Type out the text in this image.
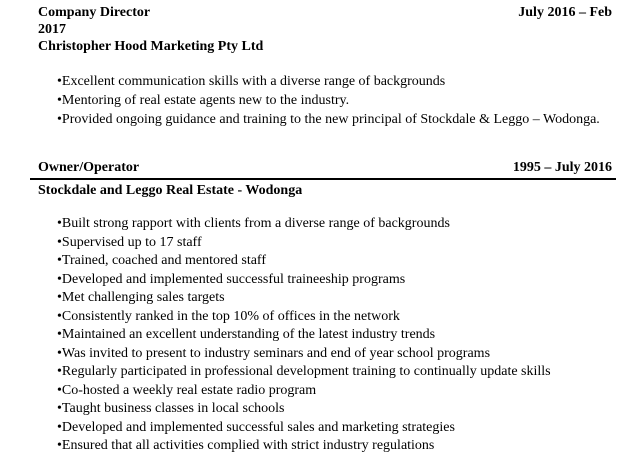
Company Director	July 2016 – Feb
2017
Christopher Hood Marketing Pty Ltd
•Excellent communication skills with a diverse range of backgrounds
•Mentoring of real estate agents new to the industry.
•Provided ongoing guidance and training to the new principal of Stockdale & Leggo – Wodonga.
Owner/Operator	1995 – July 2016
Stockdale and Leggo Real Estate - Wodonga
•Built strong rapport with clients from a diverse range of backgrounds
•Supervised up to 17 staff
•Trained, coached and mentored staff
•Developed and implemented successful traineeship programs
•Met challenging sales targets
•Consistently ranked in the top 10% of offices in the network
•Maintained an excellent understanding of the latest industry trends
•Was invited to present to industry seminars and end of year school programs
•Regularly participated in professional development training to continually update skills
•Co-hosted a weekly real estate radio program
•Taught business classes in local schools
•Developed and implemented successful sales and marketing strategies
•Ensured that all activities complied with strict industry regulations
